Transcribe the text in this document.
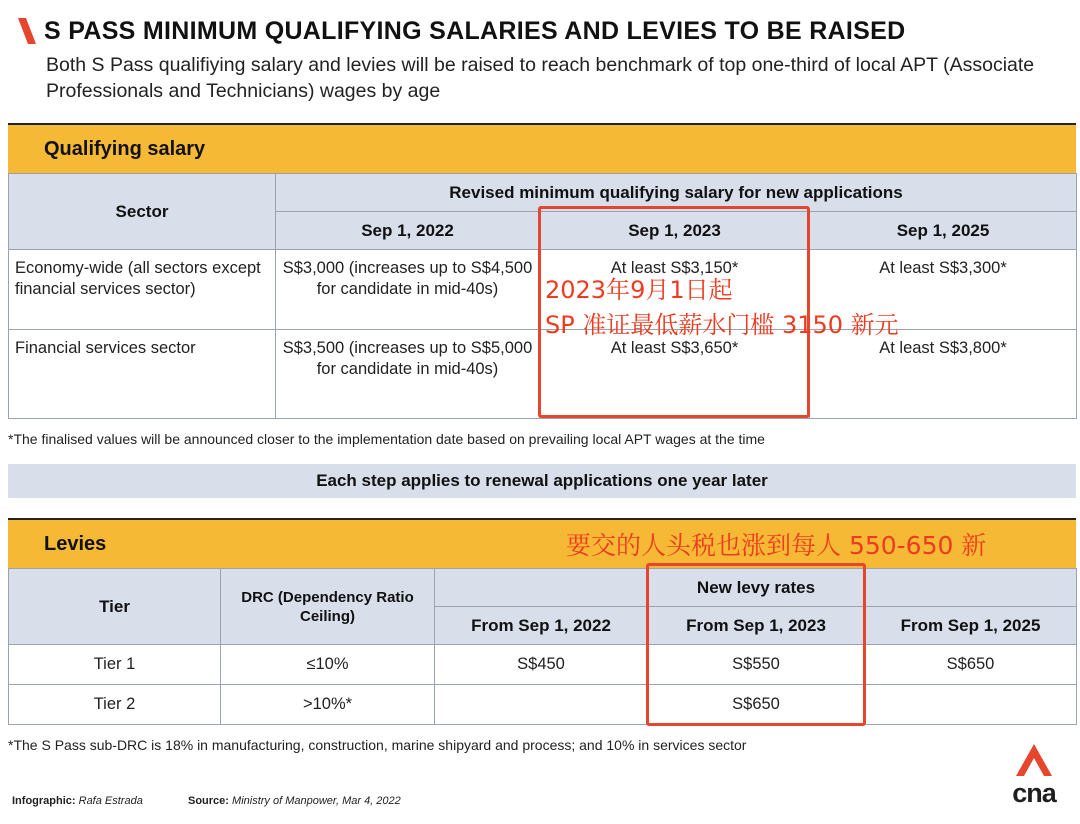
S PASS MINIMUM QUALIFYING SALARIES AND LEVIES TO BE RAISED
Both S Pass qualifiying salary and levies will be raised to reach benchmark of top one-third of local APT (Associate Professionals and Technicians) wages by age
Qualifying salary
Sector	Revised minimum qualifying salary for new applications		
	Sep 1, 2022	Sep 1, 2023	Sep 1, 2025
Economy-wide (all sectors except financial services sector)	S$3,000 (increases up to S$4,500 for candidate in mid-40s)	At least S$3,150*	At least S$3,300*
Financial services sector	S$3,500 (increases up to S$5,000 for candidate in mid-40s)	At least S$3,650*	At least S$3,800*
*The finalised values will be announced closer to the implementation date based on prevailing local APT wages at the time
Each step applies to renewal applications one year later
Levies
Tier	DRC (Dependency Ratio Ceiling)		New levy rates	
		From Sep 1, 2022	From Sep 1, 2023	From Sep 1, 2025
Tier 1	≤10%	S$450	S$550	S$650
Tier 2	>10%*		S$650	
*The S Pass sub-DRC is 18% in manufacturing, construction, marine shipyard and process; and 10% in services sector
2023年9月1日起
SP 准证最低薪水门槛 3150 新元
要交的人头税也涨到每人 550-650 新
Infographic: Rafa Estrada	Source: Ministry of Manpower, Mar 4, 2022	cna
